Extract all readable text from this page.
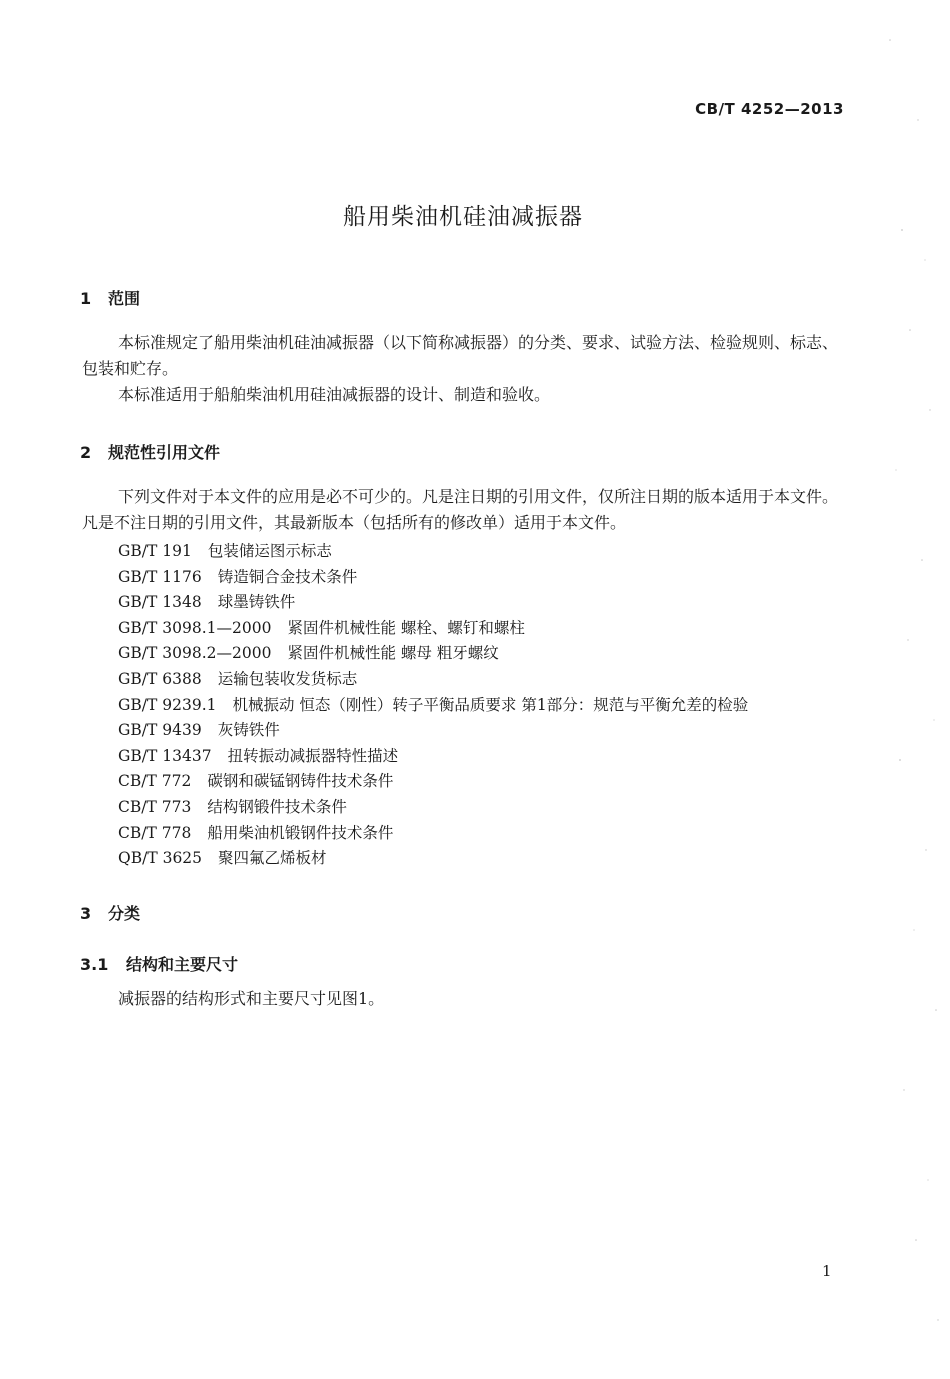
CB/T 4252—2013
船用柴油机硅油减振器
1 范围

本标准规定了船用柴油机硅油减振器（以下简称减振器）的分类、要求、试验方法、检验规则、标志、包装和贮存。

本标准适用于船舶柴油机用硅油减振器的设计、制造和验收。

2 规范性引用文件

下列文件对于本文件的应用是必不可少的。凡是注日期的引用文件，仅所注日期的版本适用于本文件。凡是不注日期的引用文件，其最新版本（包括所有的修改单）适用于本文件。

GB/T 191 包装储运图示标志
GB/T 1176 铸造铜合金技术条件
GB/T 1348 球墨铸铁件
GB/T 3098.1—2000 紧固件机械性能 螺栓、螺钉和螺柱
GB/T 3098.2—2000 紧固件机械性能 螺母 粗牙螺纹
GB/T 6388 运输包装收发货标志
GB/T 9239.1 机械振动 恒态（刚性）转子平衡品质要求 第1部分：规范与平衡允差的检验
GB/T 9439 灰铸铁件
GB/T 13437 扭转振动减振器特性描述
CB/T 772 碳钢和碳锰钢铸件技术条件
CB/T 773 结构钢锻件技术条件
CB/T 778 船用柴油机锻钢件技术条件
QB/T 3625 聚四氟乙烯板材
3 分类
3.1 结构和主要尺寸

减振器的结构形式和主要尺寸见图1。

1
